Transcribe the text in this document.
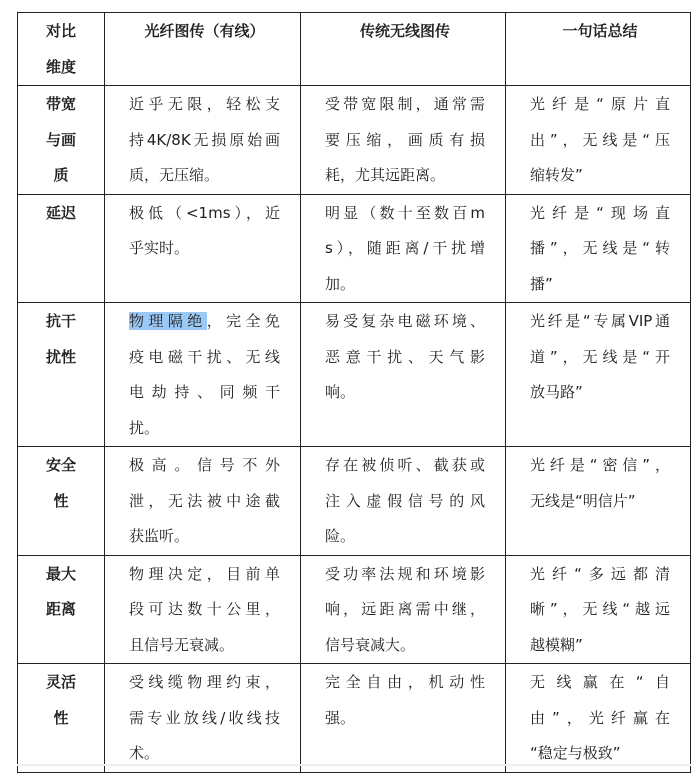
对比
维度	光纤图传（有线）	传统无线图传	一句话总结

带宽
与画
质	近乎无限，轻松支
持4K/8K无损原始画
质，无压缩。	受带宽限制，通常需
要压缩，画质有损
耗，尤其远距离。	光纤是“原片直
出”，无线是“压
缩转发”

延迟	极低（<1ms），近
乎实时。	明显（数十至数百m
s），随距离/干扰增
加。	光纤是“现场直
播”，无线是“转
播”

抗干
扰性	物理隔绝，完全免
疫电磁干扰、无线
电劫持、同频干
扰。	易受复杂电磁环境、
恶意干扰、天气影
响。	光纤是“专属VIP通
道”，无线是“开
放马路”

安全
性	极高。信号不外
泄，无法被中途截
获监听。	存在被侦听、截获或
注入虚假信号的风
险。	光纤是“密信”，
无线是“明信片”

最大
距离	物理决定，目前单
段可达数十公里，
且信号无衰减。	受功率法规和环境影
响，远距离需中继，
信号衰减大。	光纤“多远都清
晰”，无线“越远
越模糊”

灵活
性	受线缆物理约束，
需专业放线/收线技
术。	完全自由，机动性
强。	无线赢在“自
由”，光纤赢在
“稳定与极致”
